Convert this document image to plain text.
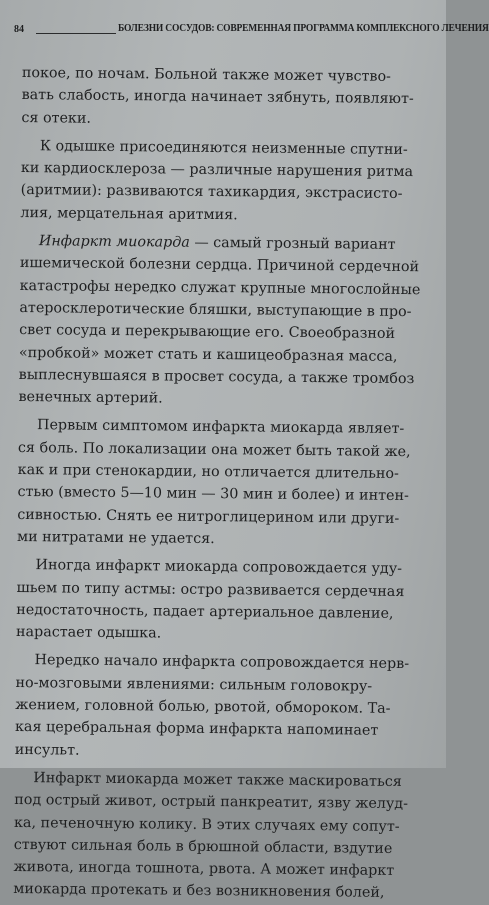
84	БОЛЕЗНИ СОСУДОВ: СОВРЕМЕННАЯ ПРОГРАММА КОМПЛЕКСНОГО ЛЕЧЕНИЯ
покое, по ночам. Больной также может чувство-
вать слабость, иногда начинает зябнуть, появляют-
ся отеки.
  К одышке присоединяются неизменные спутни-
ки кардиосклероза — различные нарушения ритма
(аритмии): развиваются тахикардия, экстрасисто-
лия, мерцательная аритмия.
  Инфаркт миокарда — самый грозный вариант
ишемической болезни сердца. Причиной сердечной
катастрофы нередко служат крупные многослойные
атеросклеротические бляшки, выступающие в про-
свет сосуда и перекрывающие его. Своеобразной
«пробкой» может стать и кашицеобразная масса,
выплеснувшаяся в просвет сосуда, а также тромбоз
венечных артерий.
  Первым симптомом инфаркта миокарда являет-
ся боль. По локализации она может быть такой же,
как и при стенокардии, но отличается длительно-
стью (вместо 5—10 мин — 30 мин и более) и интен-
сивностью. Снять ее нитроглицерином или други-
ми нитратами не удается.
  Иногда инфаркт миокарда сопровождается уду-
шьем по типу астмы: остро развивается сердечная
недостаточность, падает артериальное давление,
нарастает одышка.
  Нередко начало инфаркта сопровождается нерв-
но-мозговыми явлениями: сильным головокру-
жением, головной болью, рвотой, обмороком. Та-
кая церебральная форма инфаркта напоминает
инсульт.
  Инфаркт миокарда может также маскироваться
под острый живот, острый панкреатит, язву желуд-
ка, печеночную колику. В этих случаях ему сопут-
ствуют сильная боль в брюшной области, вздутие
живота, иногда тошнота, рвота. А может инфаркт
миокарда протекать и без возникновения болей,
